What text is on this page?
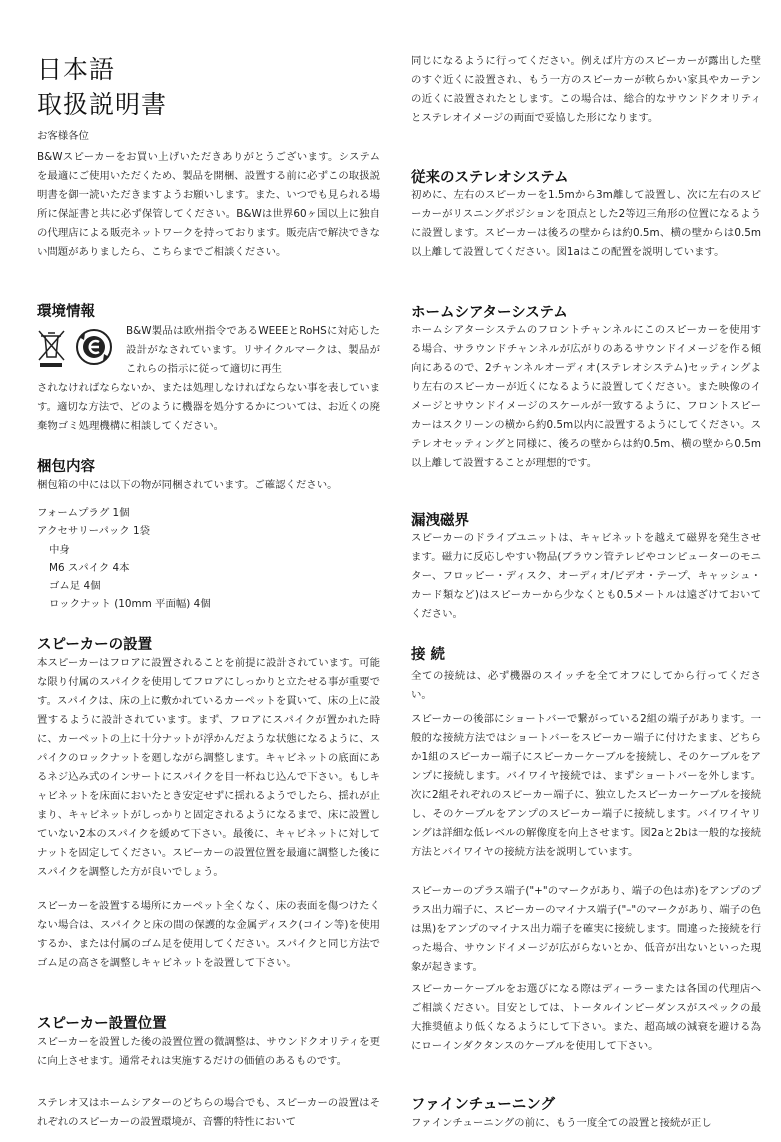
日本語
取扱説明書

お客様各位

B&Wスピーカーをお買い上げいただきありがとうございます。システムを最適にご使用いただくため、製品を開梱、設置する前に必ずこの取扱説明書を御一読いただきますようお願いします。また、いつでも見られる場所に保証書と共に必ず保管してください。B&Wは世界60ヶ国以上に独自の代理店による販売ネットワークを持っております。販売店で解決できない問題がありましたら、こちらまでご相談ください。

環境情報

B&W製品は欧州指令であるWEEEとRoHSに対応した設計がなされています。リサイクルマークは、製品がこれらの指示に従って適切に再生

されなければならないか、または処理しなければならない事を表しています。適切な方法で、どのように機器を処分するかについては、お近くの廃棄物ゴミ処理機構に相談してください。

梱包内容

梱包箱の中には以下の物が同梱されています。ご確認ください。

フォームプラグ 1個
アクセサリーパック 1袋
中身
M6 スパイク 4本
ゴム足 4個
ロックナット (10mm 平面幅) 4個
スピーカーの設置

本スピーカーはフロアに設置されることを前提に設計されています。可能な限り付属のスパイクを使用してフロアにしっかりと立たせる事が重要です。スパイクは、床の上に敷かれているカーペットを貫いて、床の上に設置するように設計されています。まず、フロアにスパイクが置かれた時に、カーペットの上に十分ナットが浮かんだような状態になるように、スパイクのロックナットを廻しながら調整します。キャビネットの底面にあるネジ込み式のインサートにスパイクを目一杯ねじ込んで下さい。もしキャビネットを床面においたとき安定せずに揺れるようでしたら、揺れが止まり、キャビネットがしっかりと固定されるようになるまで、床に設置していない2本のスパイクを緩めて下さい。最後に、キャビネットに対してナットを固定してください。スピーカーの設置位置を最適に調整した後にスパイクを調整した方が良いでしょう。

スピーカーを設置する場所にカーペット全くなく、床の表面を傷つけたくない場合は、スパイクと床の間の保護的な金属ディスク(コイン等)を使用するか、または付属のゴム足を使用してください。スパイクと同じ方法でゴム足の高さを調整しキャビネットを設置して下さい。

スピーカー設置位置

スピーカーを設置した後の設置位置の微調整は、サウンドクオリティを更に向上させます。通常それは実施するだけの価値のあるものです。

ステレオ又はホームシアターのどちらの場合でも、スピーカーの設置はそれぞれのスピーカーの設置環境が、音響的特性において

同じになるように行ってください。例えば片方のスピーカーが露出した壁のすぐ近くに設置され、もう一方のスピーカーが軟らかい家具やカーテンの近くに設置されたとします。この場合は、総合的なサウンドクオリティとステレオイメージの両面で妥協した形になります。

従来のステレオシステム

初めに、左右のスピーカーを1.5mから3m離して設置し、次に左右のスピーカーがリスニングポジションを頂点とした2等辺三角形の位置になるように設置します。スピーカーは後ろの壁からは約0.5m、横の壁からは0.5m以上離して設置してください。図1aはこの配置を説明しています。

ホームシアターシステム

ホームシアターシステムのフロントチャンネルにこのスピーカーを使用する場合、サラウンドチャンネルが広がりのあるサウンドイメージを作る傾向にあるので、2チャンネルオーディオ(ステレオシステム)セッティングより左右のスピーカーが近くになるように設置してください。また映像のイメージとサウンドイメージのスケールが一致するように、フロントスピーカーはスクリーンの横から約0.5m以内に設置するようにしてください。ステレオセッティングと同様に、後ろの壁からは約0.5m、横の壁から0.5m以上離して設置することが理想的です。

漏洩磁界

スピーカーのドライブユニットは、キャビネットを越えて磁界を発生させます。磁力に反応しやすい物品(ブラウン管テレビやコンピューターのモニター、フロッピー・ディスク、オーディオ/ビデオ・テープ、キャッシュ・カード類など)はスピーカーから少なくとも0.5メートルは遠ざけておいてください。

接 続

全ての接続は、必ず機器のスイッチを全てオフにしてから行ってください。

スピーカーの後部にショートバーで繋がっている2組の端子があります。一般的な接続方法ではショートバーをスピーカー端子に付けたまま、どちらか1組のスピーカー端子にスピーカーケーブルを接続し、そのケーブルをアンプに接続します。バイワイヤ接続では、まずショートバーを外します。次に2組それぞれのスピーカー端子に、独立したスピーカーケーブルを接続し、そのケーブルをアンプのスピーカー端子に接続します。バイワイヤリングは詳細な低レベルの解像度を向上させます。図2aと2bは一般的な接続方法とバイワイヤの接続方法を説明しています。

スピーカーのプラス端子("+"のマークがあり、端子の色は赤)をアンプのプラス出力端子に、スピーカーのマイナス端子("–"のマークがあり、端子の色は黒)をアンプのマイナス出力端子を確実に接続します。間違った接続を行った場合、サウンドイメージが広がらないとか、低音が出ないといった現象が起きます。

スピーカーケーブルをお選びになる際はディーラーまたは各国の代理店へご相談ください。目安としては、トータルインピーダンスがスペックの最大推奨値より低くなるようにして下さい。また、超高域の減衰を避ける為にローインダクタンスのケーブルを使用して下さい。

ファインチューニング

ファインチューニングの前に、もう一度全ての設置と接続が正し
